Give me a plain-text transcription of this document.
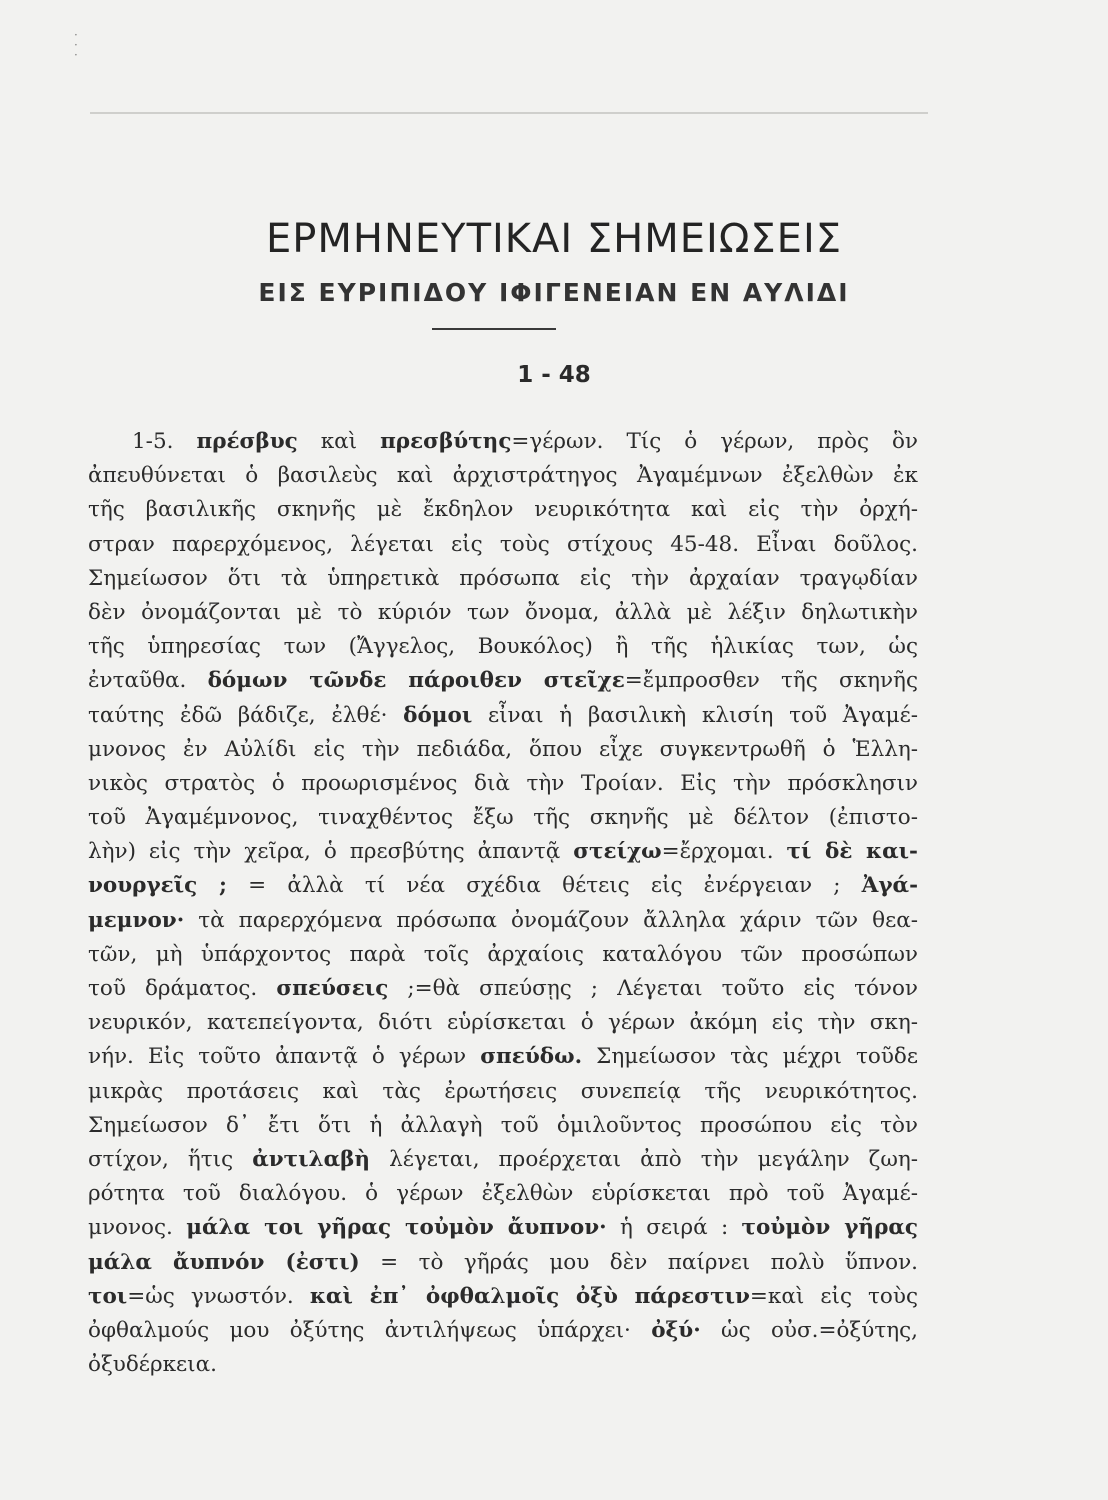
·
·
·

ΕΡΜΗΝΕΥΤΙΚΑΙ ΣΗΜΕΙΩΣΕΙΣ
ΕΙΣ ΕΥΡΙΠΙΔΟΥ ΙΦΙΓΕΝΕΙΑΝ ΕΝ ΑΥΛΙΔΙ
1 - 48
1-5. πρέσβυς καὶ πρεσβύτης=γέρων. Τίς ὁ γέρων, πρὸς ὃν
ἀπευθύνεται ὁ βασιλεὺς καὶ ἀρχιστράτηγος Ἀγαμέμνων ἐξελθὼν ἐκ
τῆς βασιλικῆς σκηνῆς μὲ ἔκδηλον νευρικότητα καὶ εἰς τὴν ὀρχή-
στραν παρερχόμενος, λέγεται εἰς τοὺς στίχους 45-48. Εἶναι δοῦλος.
Σημείωσον ὅτι τὰ ὑπηρετικὰ πρόσωπα εἰς τὴν ἀρχαίαν τραγῳδίαν
δὲν ὀνομάζονται μὲ τὸ κύριόν των ὄνομα, ἀλλὰ μὲ λέξιν δηλωτικὴν
τῆς ὑπηρεσίας των (Ἄγγελος, Βουκόλος) ἢ τῆς ἡλικίας των, ὡς
ἐνταῦθα. δόμων τῶνδε πάροιθεν στεῖχε=ἔμπροσθεν τῆς σκηνῆς
ταύτης ἐδῶ βάδιζε, ἐλθέ· δόμοι εἶναι ἡ βασιλικὴ κλισίη τοῦ Ἀγαμέ-
μνονος ἐν Αὐλίδι εἰς τὴν πεδιάδα, ὅπου εἶχε συγκεντρωθῆ ὁ Ἑλλη-
νικὸς στρατὸς ὁ προωρισμένος διὰ τὴν Τροίαν. Εἰς τὴν πρόσκλησιν
τοῦ Ἀγαμέμνονος, τιναχθέντος ἔξω τῆς σκηνῆς μὲ δέλτον (ἐπιστο-
λὴν) εἰς τὴν χεῖρα, ὁ πρεσβύτης ἀπαντᾷ στείχω=ἔρχομαι. τί δὲ και-
νουργεῖς ; = ἀλλὰ τί νέα σχέδια θέτεις εἰς ἐνέργειαν ; Ἀγά-
μεμνον· τὰ παρερχόμενα πρόσωπα ὀνομάζουν ἄλληλα χάριν τῶν θεα-
τῶν, μὴ ὑπάρχοντος παρὰ τοῖς ἀρχαίοις καταλόγου τῶν προσώπων
τοῦ δράματος. σπεύσεις ;=θὰ σπεύσῃς ; Λέγεται τοῦτο εἰς τόνον
νευρικόν, κατεπείγοντα, διότι εὑρίσκεται ὁ γέρων ἀκόμη εἰς τὴν σκη-
νήν. Εἰς τοῦτο ἀπαντᾷ ὁ γέρων σπεύδω. Σημείωσον τὰς μέχρι τοῦδε
μικρὰς προτάσεις καὶ τὰς ἐρωτήσεις συνεπείᾳ τῆς νευρικότητος.
Σημείωσον δ᾽ ἔτι ὅτι ἡ ἀλλαγὴ τοῦ ὁμιλοῦντος προσώπου εἰς τὸν
στίχον, ἥτις ἀντιλαβὴ λέγεται, προέρχεται ἀπὸ τὴν μεγάλην ζωη-
ρότητα τοῦ διαλόγου. ὁ γέρων ἐξελθὼν εὑρίσκεται πρὸ τοῦ Ἀγαμέ-
μνονος. μάλα τοι γῆρας τοὐμὸν ἄυπνον· ἡ σειρά : τοὐμὸν γῆρας
μάλα ἄυπνόν (ἐστι) = τὸ γῆράς μου δὲν παίρνει πολὺ ὕπνον.
τοι=ὡς γνωστόν. καὶ ἐπ᾽ ὀφθαλμοῖς ὀξὺ πάρεστιν=καὶ εἰς τοὺς
ὀφθαλμούς μου ὀξύτης ἀντιλήψεως ὑπάρχει· ὀξύ· ὡς οὐσ.=ὀξύτης,
ὀξυδέρκεια.
